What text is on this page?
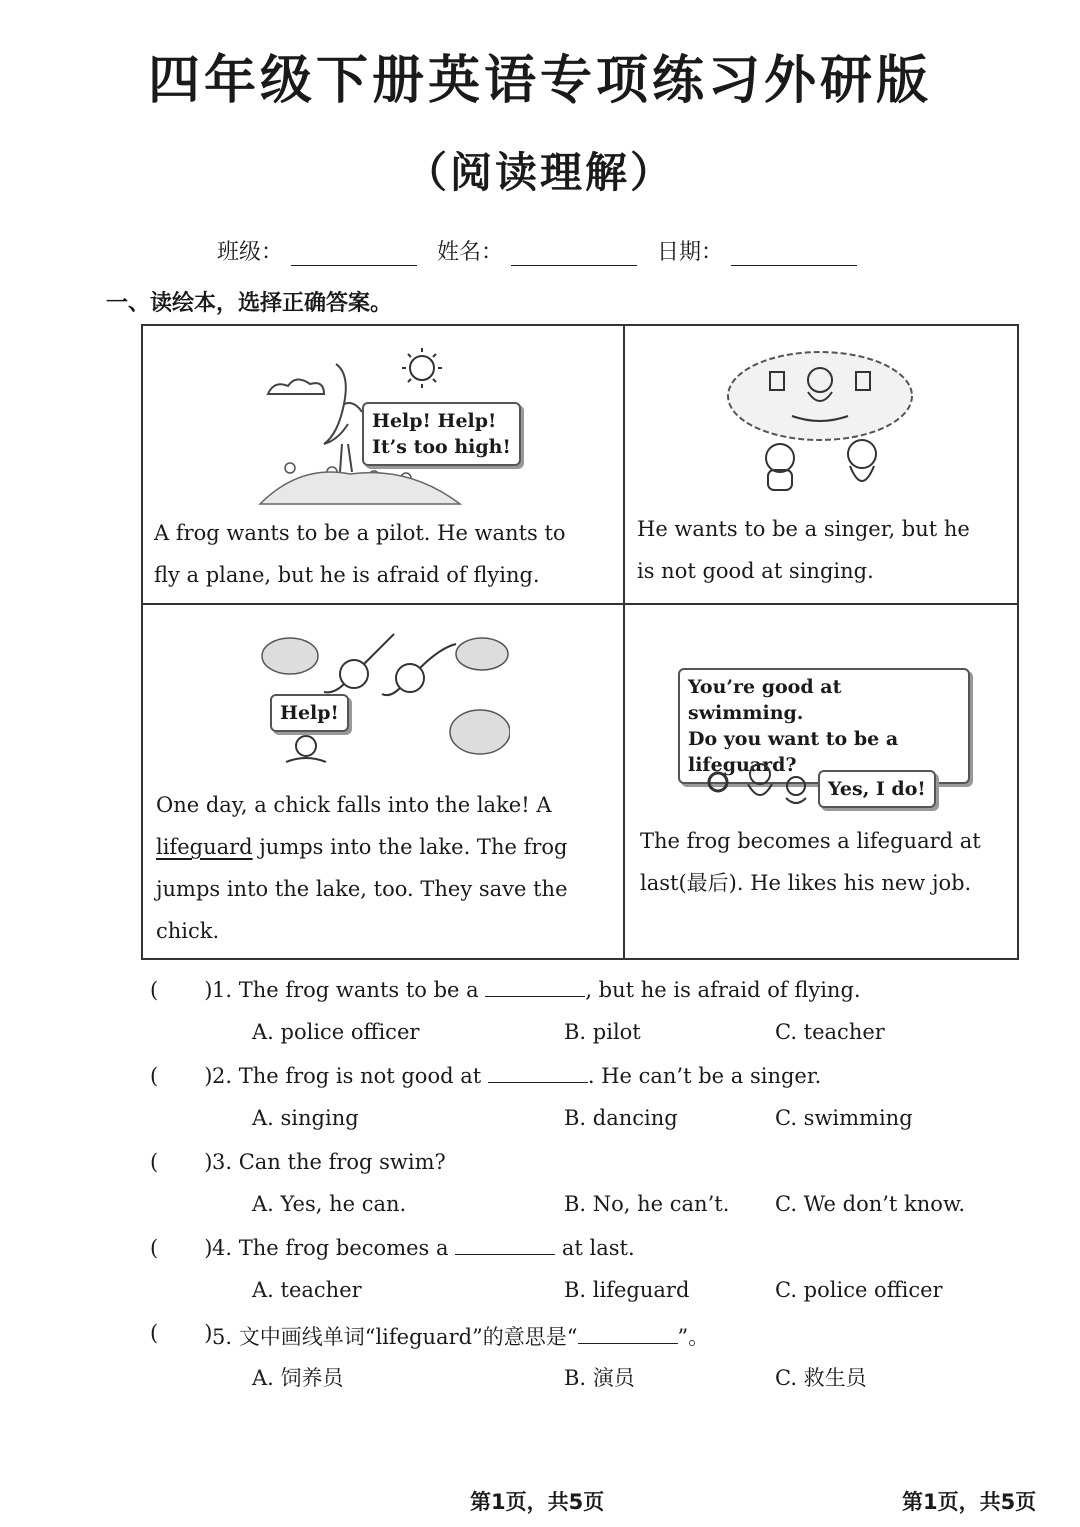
四年级下册英语专项练习外研版
（阅读理解）
班级：	姓名：	日期：
一、读绘本，选择正确答案。
Help! Help!
It’s too high!
A frog wants to be a pilot. He wants to
fly a plane, but he is afraid of flying.
He wants to be a singer, but he
is not good at singing.
Help!
One day, a chick falls into the lake! A
lifeguard jumps into the lake. The frog
jumps into the lake, too. They save the
chick.
You’re good at swimming.
Do you want to be a
lifeguard?
Yes, I do!
The frog becomes a lifeguard at
last(最后). He likes his new job.
( ) 1. The frog wants to be a	, but he is afraid of flying.
A. police officer	B. pilot	C. teacher
( ) 2. The frog is not good at	. He can’t be a singer.
A. singing	B. dancing	C. swimming
( ) 3. Can the frog swim?
A. Yes, he can.	B. No, he can’t. C. We don’t know.
( ) 4. The frog becomes a	at last.
A. teacher	B. lifeguard	C. police officer
( ) 5. 文中画线单词“lifeguard”的意思是“	”。
A. 饲养员	B. 演员	C. 救生员
第1页，共5页	第1页，共5页
